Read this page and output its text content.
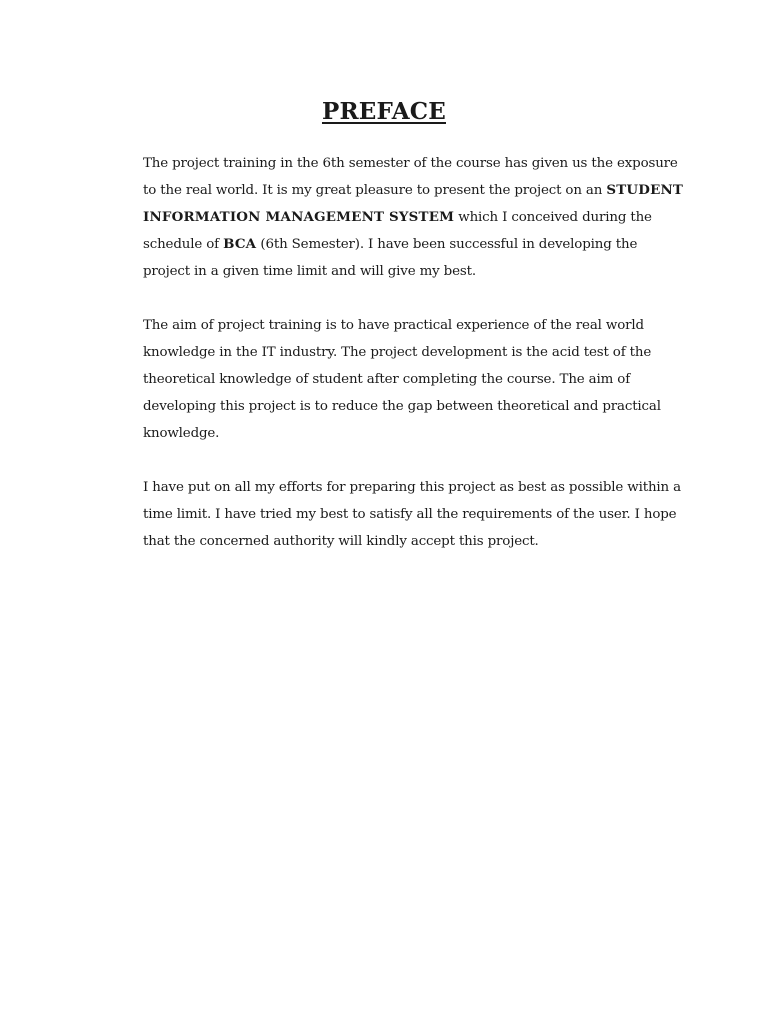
PREFACE

The project training in the 6th semester of the course has given us the exposure
to the real world. It is my great pleasure to present the project on an STUDENT
INFORMATION MANAGEMENT SYSTEM which I conceived during the
schedule of BCA (6th Semester). I have been successful in developing the
project in a given time limit and will give my best.

The aim of project training is to have practical experience of the real world
knowledge in the IT industry. The project development is the acid test of the
theoretical knowledge of student after completing the course. The aim of
developing this project is to reduce the gap between theoretical and practical
knowledge.

I have put on all my efforts for preparing this project as best as possible within a
time limit. I have tried my best to satisfy all the requirements of the user. I hope
that the concerned authority will kindly accept this project.
